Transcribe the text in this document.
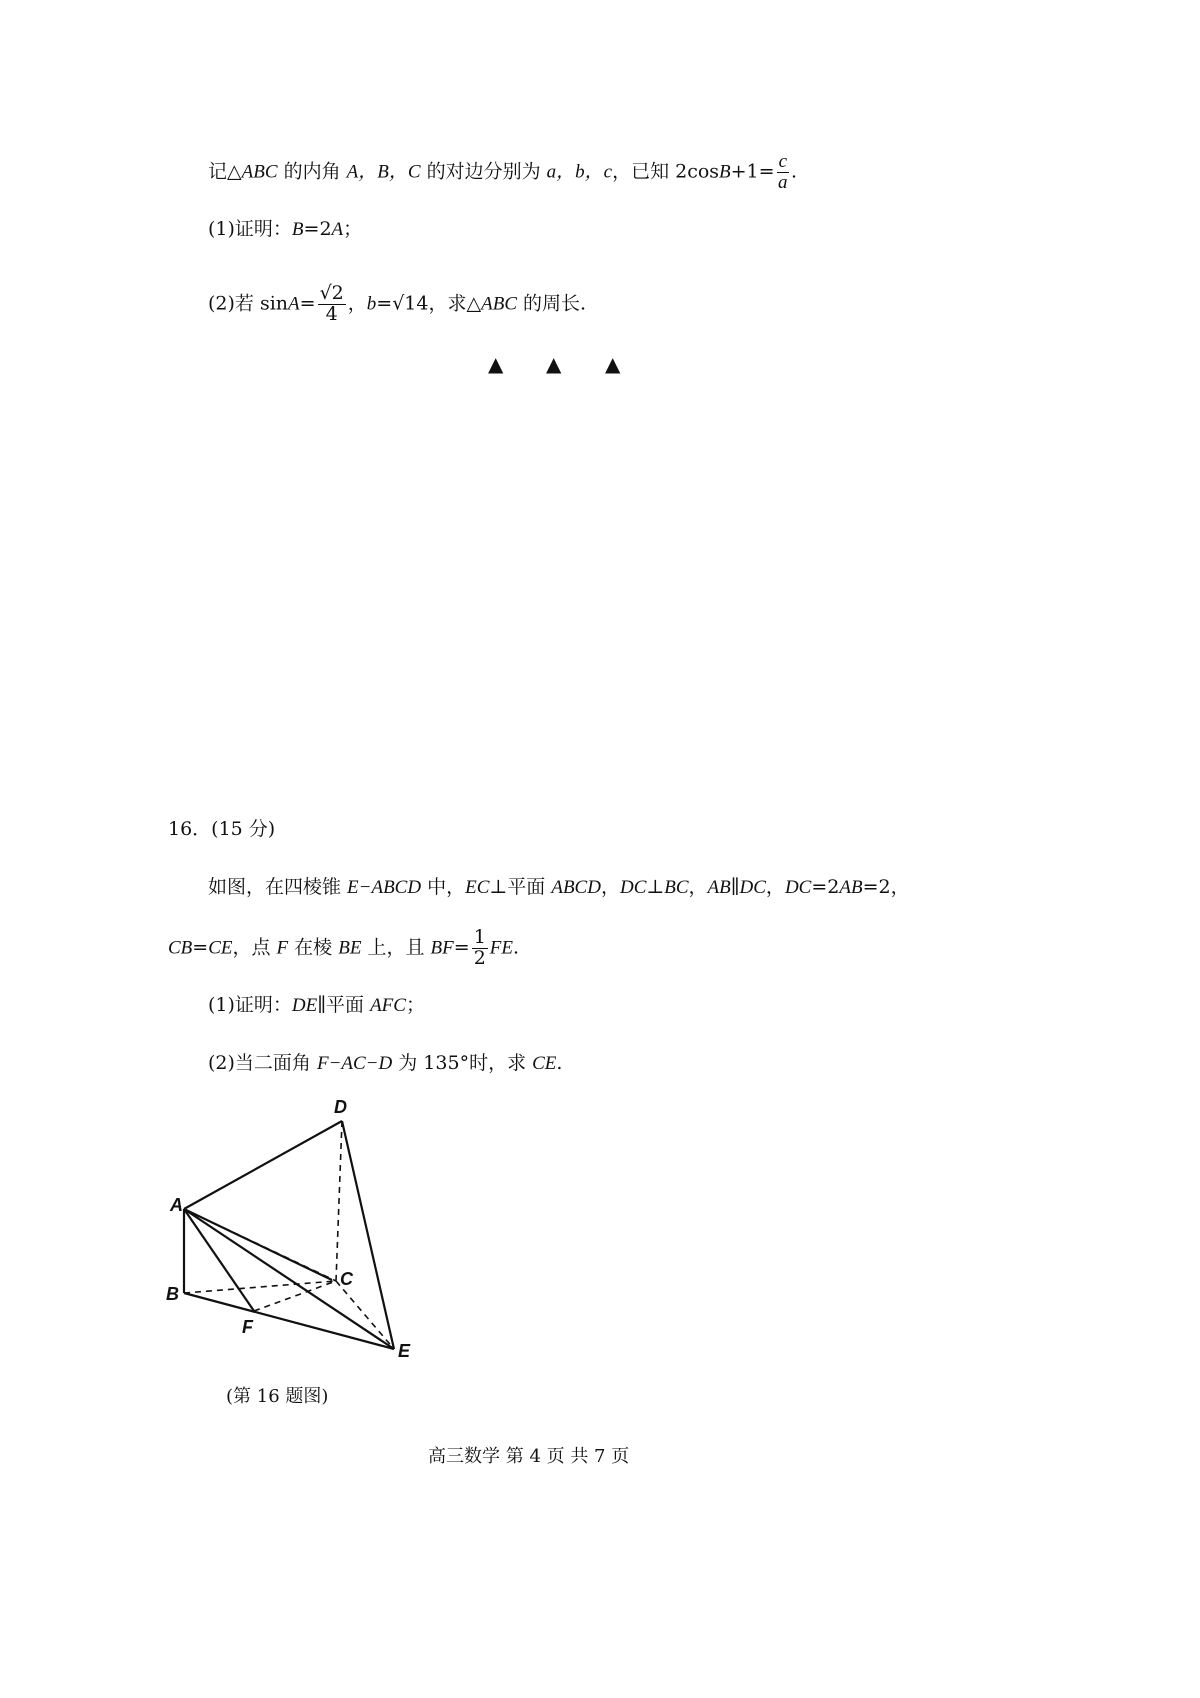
记△ABC 的内角 A，B，C 的对边分别为 a，b，c，已知 $2\cos B+1= \frac{c}{a}$ .
(1)证明：B=2A；
(2)若 $\sin A= \frac{√2}{4}$ ，b=√14，求△ABC 的周长.
▲ ▲ ▲
16．(15 分)
如图，在四棱锥 E−ABCD 中，EC⊥平面 ABCD，DC⊥BC，AB∥DC，DC=2AB=2，
CB=CE，点 F 在棱 BE 上，且 $BF= \frac{1}{2}$ FE.
(1)证明：DE∥平面 AFC；
(2)当二面角 F−AC−D 为 135°时，求 CE.
D
A
B
C
F
E
(第 16 题图)
高三数学 第 4 页 共 7 页
